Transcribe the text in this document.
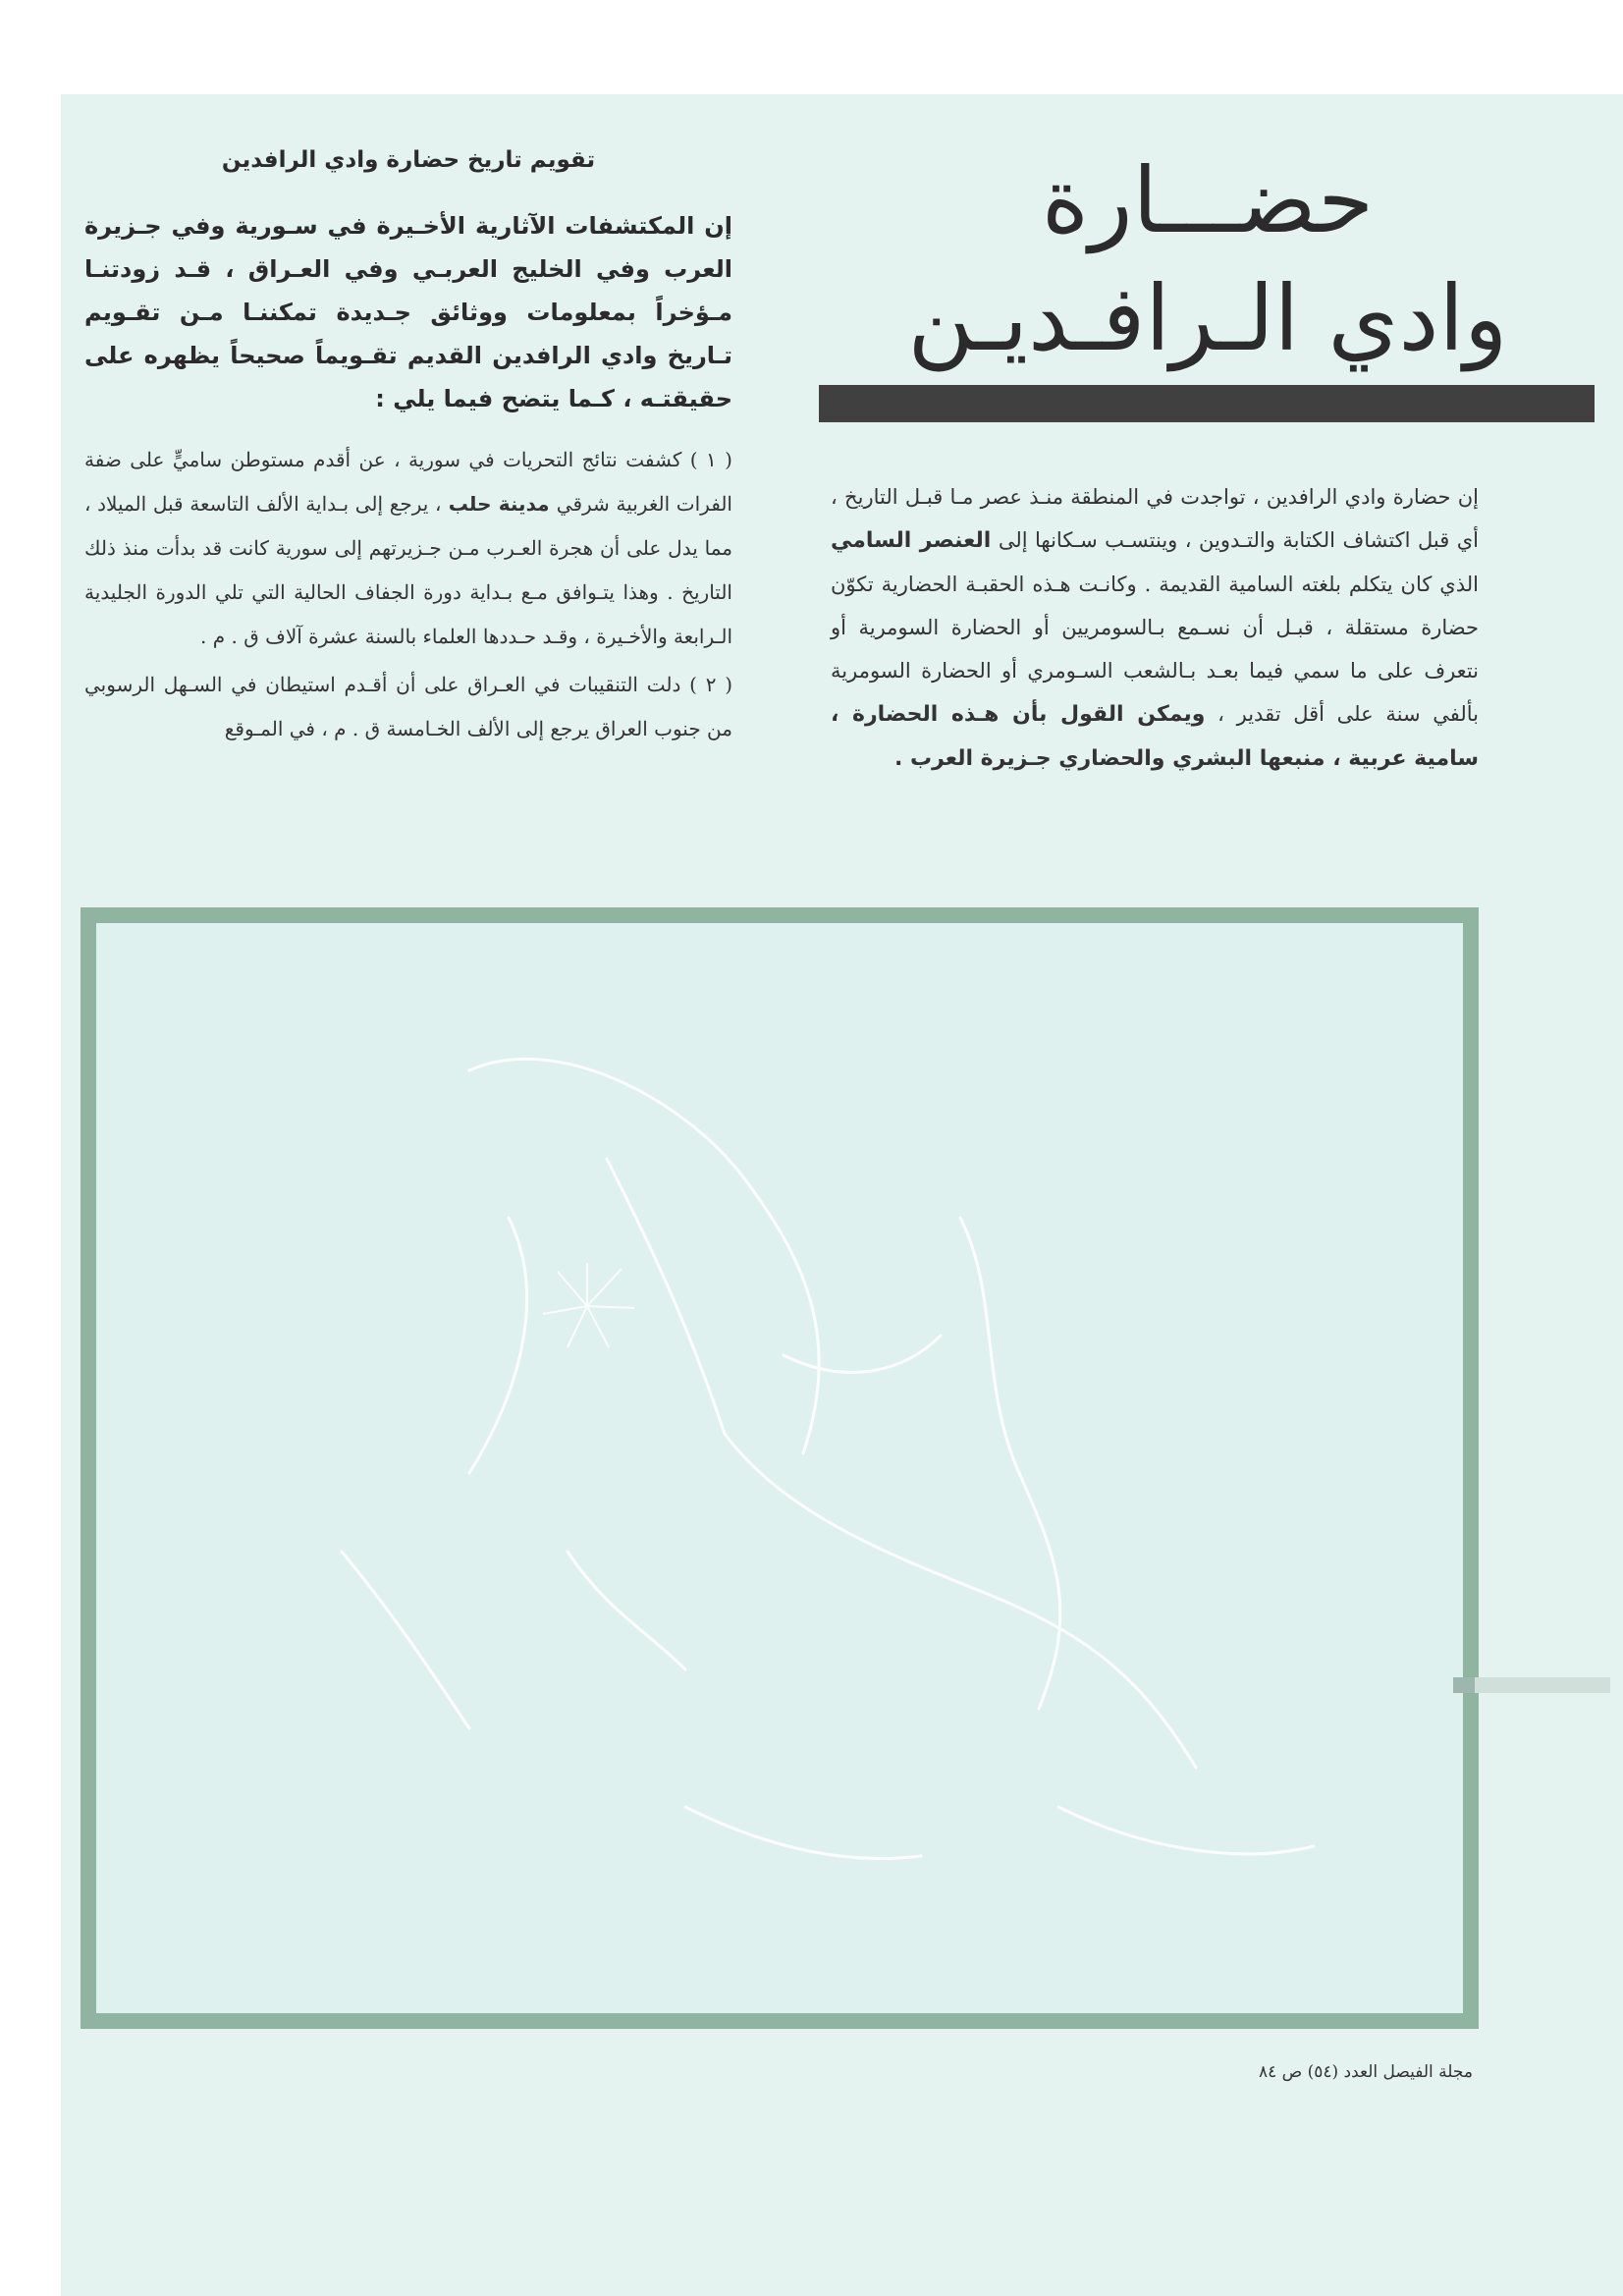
حضـــارة
وادي الـرافـديـن
إن حضارة وادي الرافدين ، تواجدت في المنطقة منـذ عصر مـا قبـل التاريخ ، أي قبل اكتشاف الكتابة والتـدوين ، وينتسـب سـكانها إلى العنصر السامي الذي كان يتكلم بلغته السامية القديمة . وكانـت هـذه الحقبـة الحضارية تكوّن حضارة مستقلة ، قبـل أن نسـمع بـالسومريين أو الحضارة السومرية أو نتعرف على ما سمي فيما بعـد بـالشعب السـومري أو الحضارة السومرية بألفي سنة على أقل تقدير ، ويمكن القول بأن هـذه الحضارة ، سامية عربية ، منبعها البشري والحضاري جـزيرة العرب .
تقويم تاريخ حضارة وادي الرافدين

إن المكتشفات الآثارية الأخـيرة في سـورية وفي جـزيرة العرب وفي الخليج العربـي وفي العـراق ، قـد زودتنـا مـؤخراً بمعلومات ووثائق جـديدة تمكننـا مـن تقـويم تـاريخ وادي الرافدين القديم تقـويماً صحيحاً يظهره على حقيقتـه ، كـما يتضح فيما يلي :

( ١ ) كشفت نتائج التحريات في سورية ، عن أقدم مستوطن ساميٍّ على ضفة الفرات الغربية شرقي مدينة حلب ، يرجع إلى بـداية الألف التاسعة قبل الميلاد ، مما يدل على أن هجرة العـرب مـن جـزيرتهم إلى سورية كانت قد بدأت منذ ذلك التاريخ . وهذا يتـوافق مـع بـداية دورة الجفاف الحالية التي تلي الدورة الجليدية الـرابعة والأخـيرة ، وقـد حـددها العلماء بالسنة عشرة آلاف ق . م .

( ٢ ) دلت التنقيبات في العـراق على أن أقـدم استيطان في السـهل الرسوبي من جنوب العراق يرجع إلى الألف الخـامسة ق . م ، في المـوقع

مجلة الفيصل العدد (٥٤) ص ٨٤
